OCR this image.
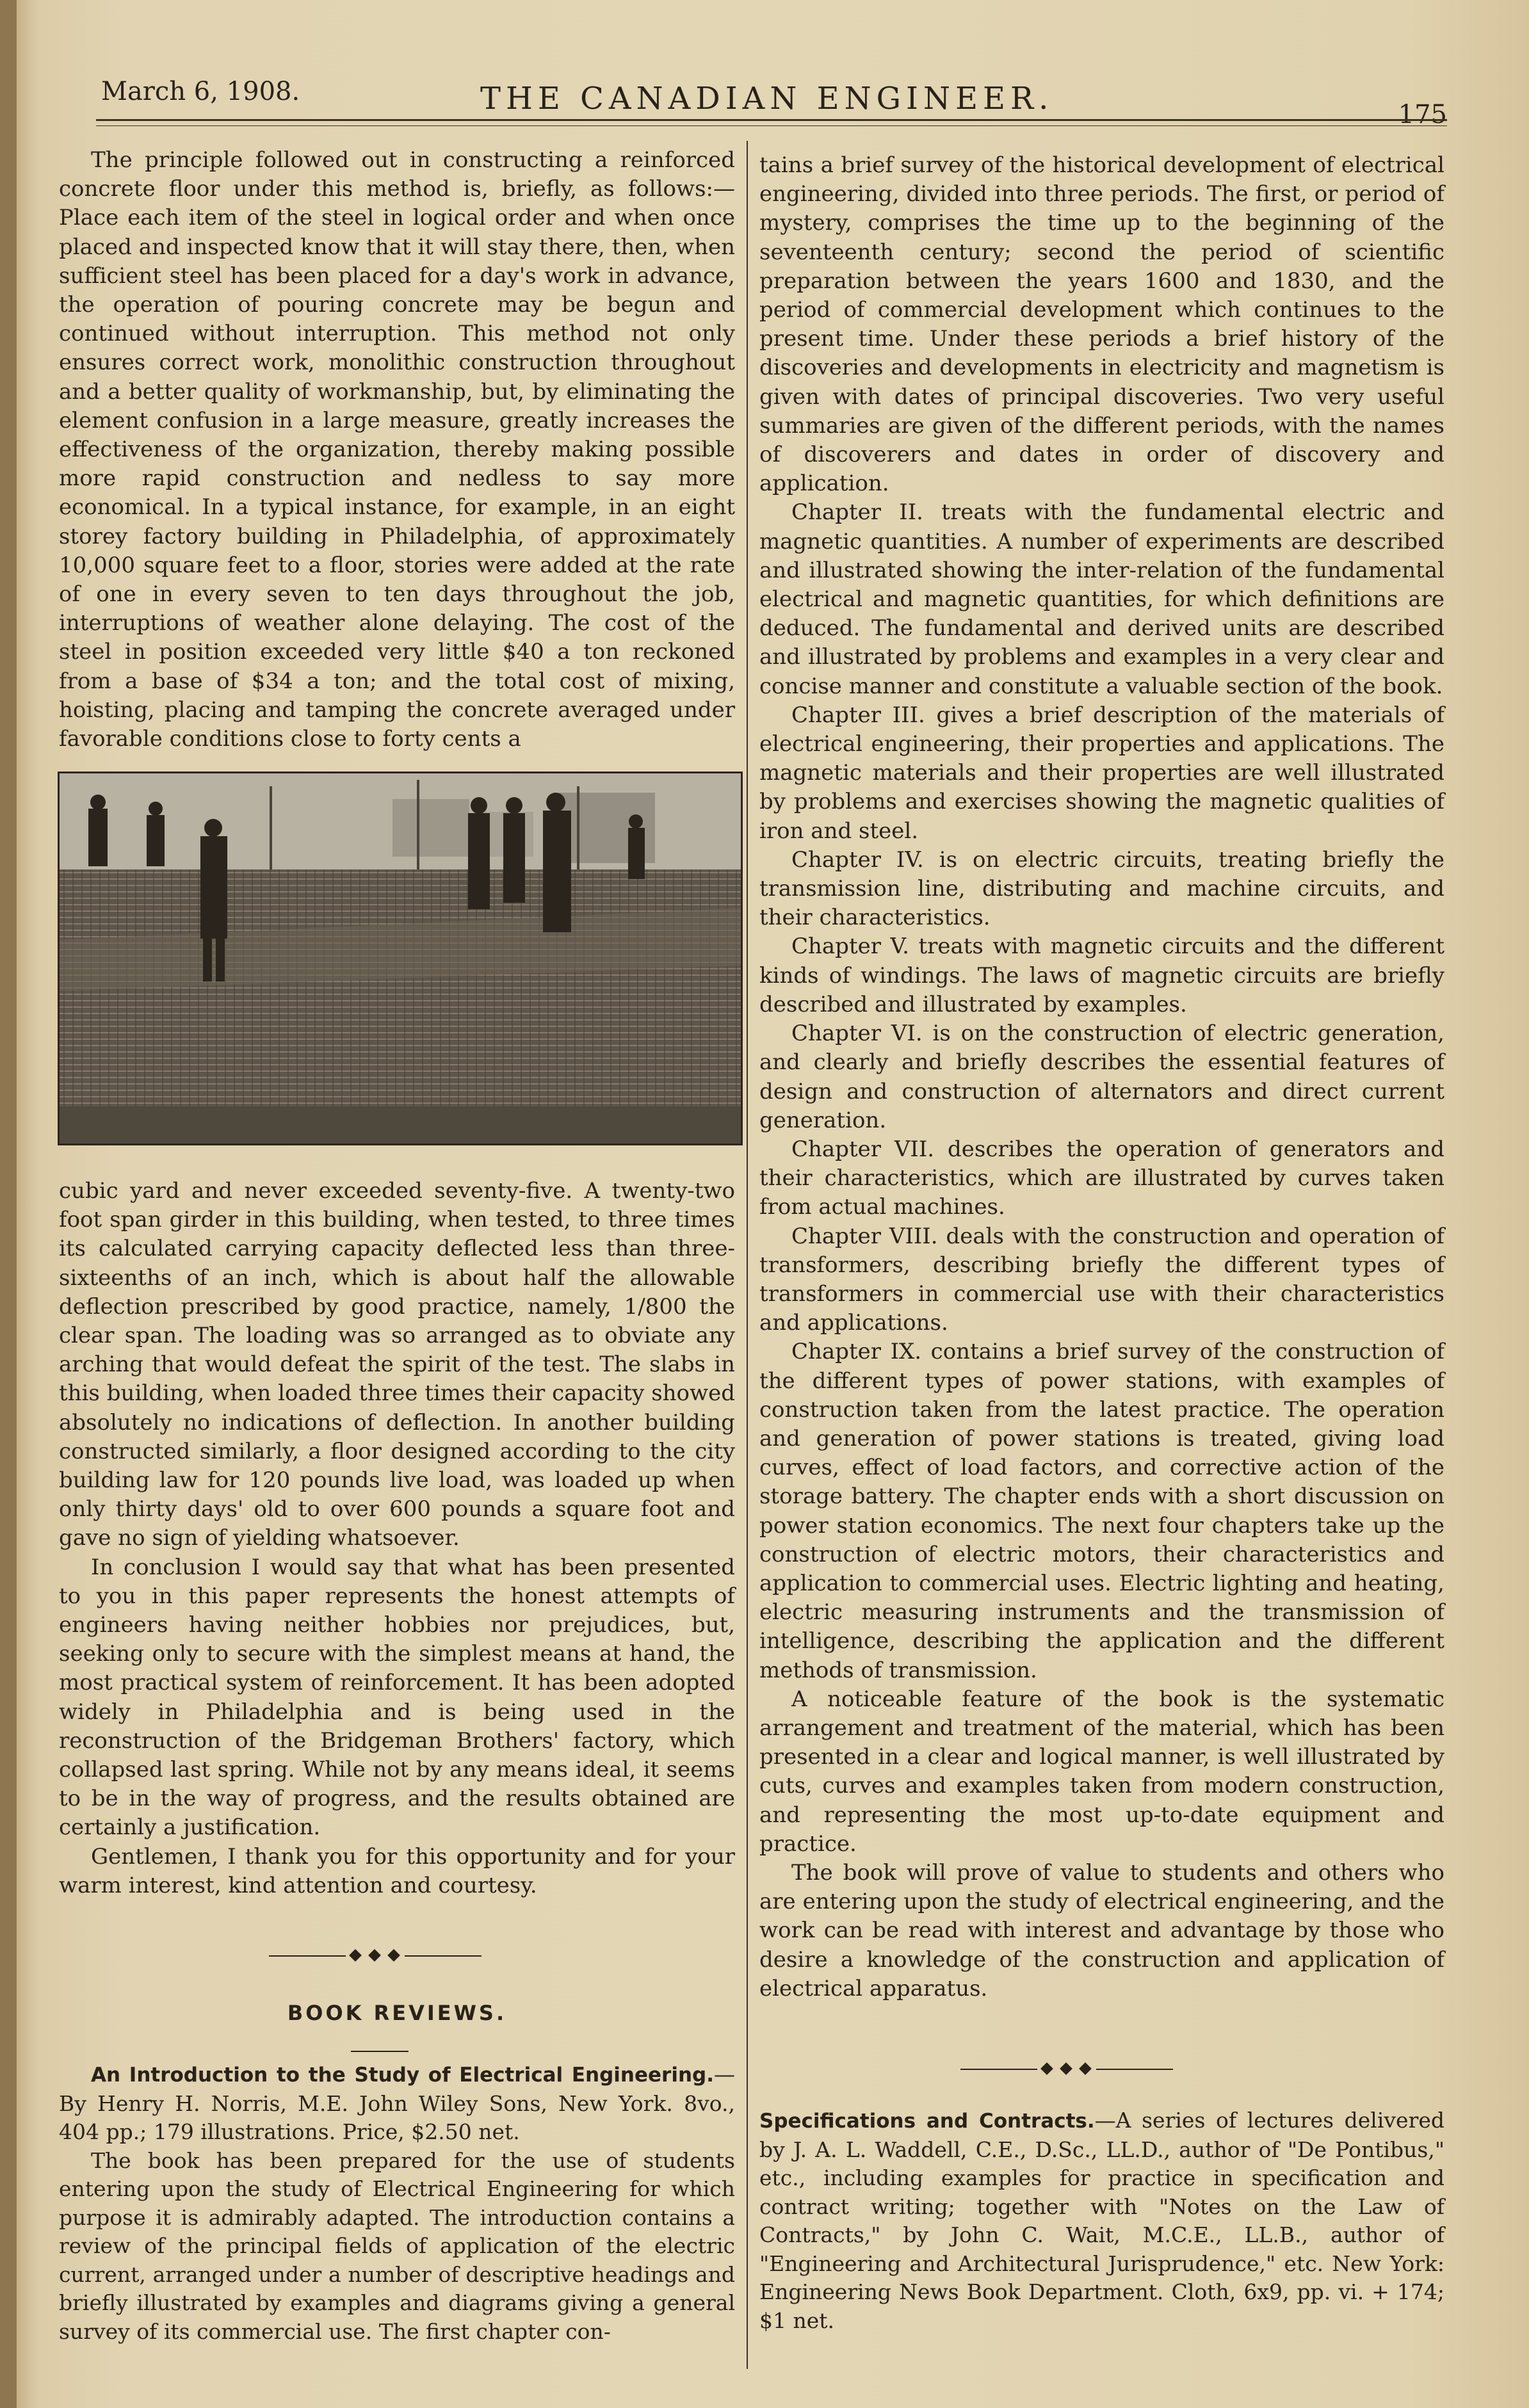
March 6, 1908.	THE CANADIAN ENGINEER.	175

The principle followed out in constructing a reinforced concrete floor under this method is, briefly, as follows:—Place each item of the steel in logical order and when once placed and inspected know that it will stay there, then, when sufficient steel has been placed for a day's work in advance, the operation of pouring concrete may be begun and continued without interruption. This method not only ensures correct work, monolithic construction throughout and a better quality of workmanship, but, by eliminating the element confusion in a large measure, greatly increases the effectiveness of the organization, thereby making possible more rapid construction and nedless to say more economical. In a typical instance, for example, in an eight storey factory building in Philadelphia, of approximately 10,000 square feet to a floor, stories were added at the rate of one in every seven to ten days throughout the job, interruptions of weather alone delaying. The cost of the steel in position exceeded very little $40 a ton reckoned from a base of $34 a ton; and the total cost of mixing, hoisting, placing and tamping the concrete averaged under favorable conditions close to forty cents a

cubic yard and never exceeded seventy-five. A twenty-two foot span girder in this building, when tested, to three times its calculated carrying capacity deflected less than three-sixteenths of an inch, which is about half the allowable deflection prescribed by good practice, namely, 1/800 the clear span. The loading was so arranged as to obviate any arching that would defeat the spirit of the test. The slabs in this building, when loaded three times their capacity showed absolutely no indications of deflection. In another building constructed similarly, a floor designed according to the city building law for 120 pounds live load, was loaded up when only thirty days' old to over 600 pounds a square foot and gave no sign of yielding whatsoever.

In conclusion I would say that what has been presented to you in this paper represents the honest attempts of engineers having neither hobbies nor prejudices, but, seeking only to secure with the simplest means at hand, the most practical system of reinforcement. It has been adopted widely in Philadelphia and is being used in the reconstruction of the Bridgeman Brothers' factory, which collapsed last spring. While not by any means ideal, it seems to be in the way of progress, and the results obtained are certainly a justification.

Gentlemen, I thank you for this opportunity and for your warm interest, kind attention and courtesy.

BOOK REVIEWS.

An Introduction to the Study of Electrical Engineering.—By Henry H. Norris, M.E. John Wiley Sons, New York. 8vo., 404 pp.; 179 illustrations. Price, $2.50 net.

The book has been prepared for the use of students entering upon the study of Electrical Engineering for which purpose it is admirably adapted. The introduction contains a review of the principal fields of application of the electric current, arranged under a number of descriptive headings and briefly illustrated by examples and diagrams giving a general survey of its commercial use. The first chapter con-

tains a brief survey of the historical development of electrical engineering, divided into three periods. The first, or period of mystery, comprises the time up to the beginning of the seventeenth century; second the period of scientific preparation between the years 1600 and 1830, and the period of commercial development which continues to the present time. Under these periods a brief history of the discoveries and developments in electricity and magnetism is given with dates of principal discoveries. Two very useful summaries are given of the different periods, with the names of discoverers and dates in order of discovery and application.

Chapter II. treats with the fundamental electric and magnetic quantities. A number of experiments are described and illustrated showing the inter-relation of the fundamental electrical and magnetic quantities, for which definitions are deduced. The fundamental and derived units are described and illustrated by problems and examples in a very clear and concise manner and constitute a valuable section of the book.

Chapter III. gives a brief description of the materials of electrical engineering, their properties and applications. The magnetic materials and their properties are well illustrated by problems and exercises showing the magnetic qualities of iron and steel.

Chapter IV. is on electric circuits, treating briefly the transmission line, distributing and machine circuits, and their characteristics.

Chapter V. treats with magnetic circuits and the different kinds of windings. The laws of magnetic circuits are briefly described and illustrated by examples.

Chapter VI. is on the construction of electric generation, and clearly and briefly describes the essential features of design and construction of alternators and direct current generation.

Chapter VII. describes the operation of generators and their characteristics, which are illustrated by curves taken from actual machines.

Chapter VIII. deals with the construction and operation of transformers, describing briefly the different types of transformers in commercial use with their characteristics and applications.

Chapter IX. contains a brief survey of the construction of the different types of power stations, with examples of construction taken from the latest practice. The operation and generation of power stations is treated, giving load curves, effect of load factors, and corrective action of the storage battery. The chapter ends with a short discussion on power station economics. The next four chapters take up the construction of electric motors, their characteristics and application to commercial uses. Electric lighting and heating, electric measuring instruments and the transmission of intelligence, describing the application and the different methods of transmission.

A noticeable feature of the book is the systematic arrangement and treatment of the material, which has been presented in a clear and logical manner, is well illustrated by cuts, curves and examples taken from modern construction, and representing the most up-to-date equipment and practice.

The book will prove of value to students and others who are entering upon the study of electrical engineering, and the work can be read with interest and advantage by those who desire a knowledge of the construction and application of electrical apparatus.

Specifications and Contracts.—A series of lectures delivered by J. A. L. Waddell, C.E., D.Sc., LL.D., author of "De Pontibus," etc., including examples for practice in specification and contract writing; together with "Notes on the Law of Contracts," by John C. Wait, M.C.E., LL.B., author of "Engineering and Architectural Jurisprudence," etc. New York: Engineering News Book Department. Cloth, 6x9, pp. vi. + 174; $1 net.
